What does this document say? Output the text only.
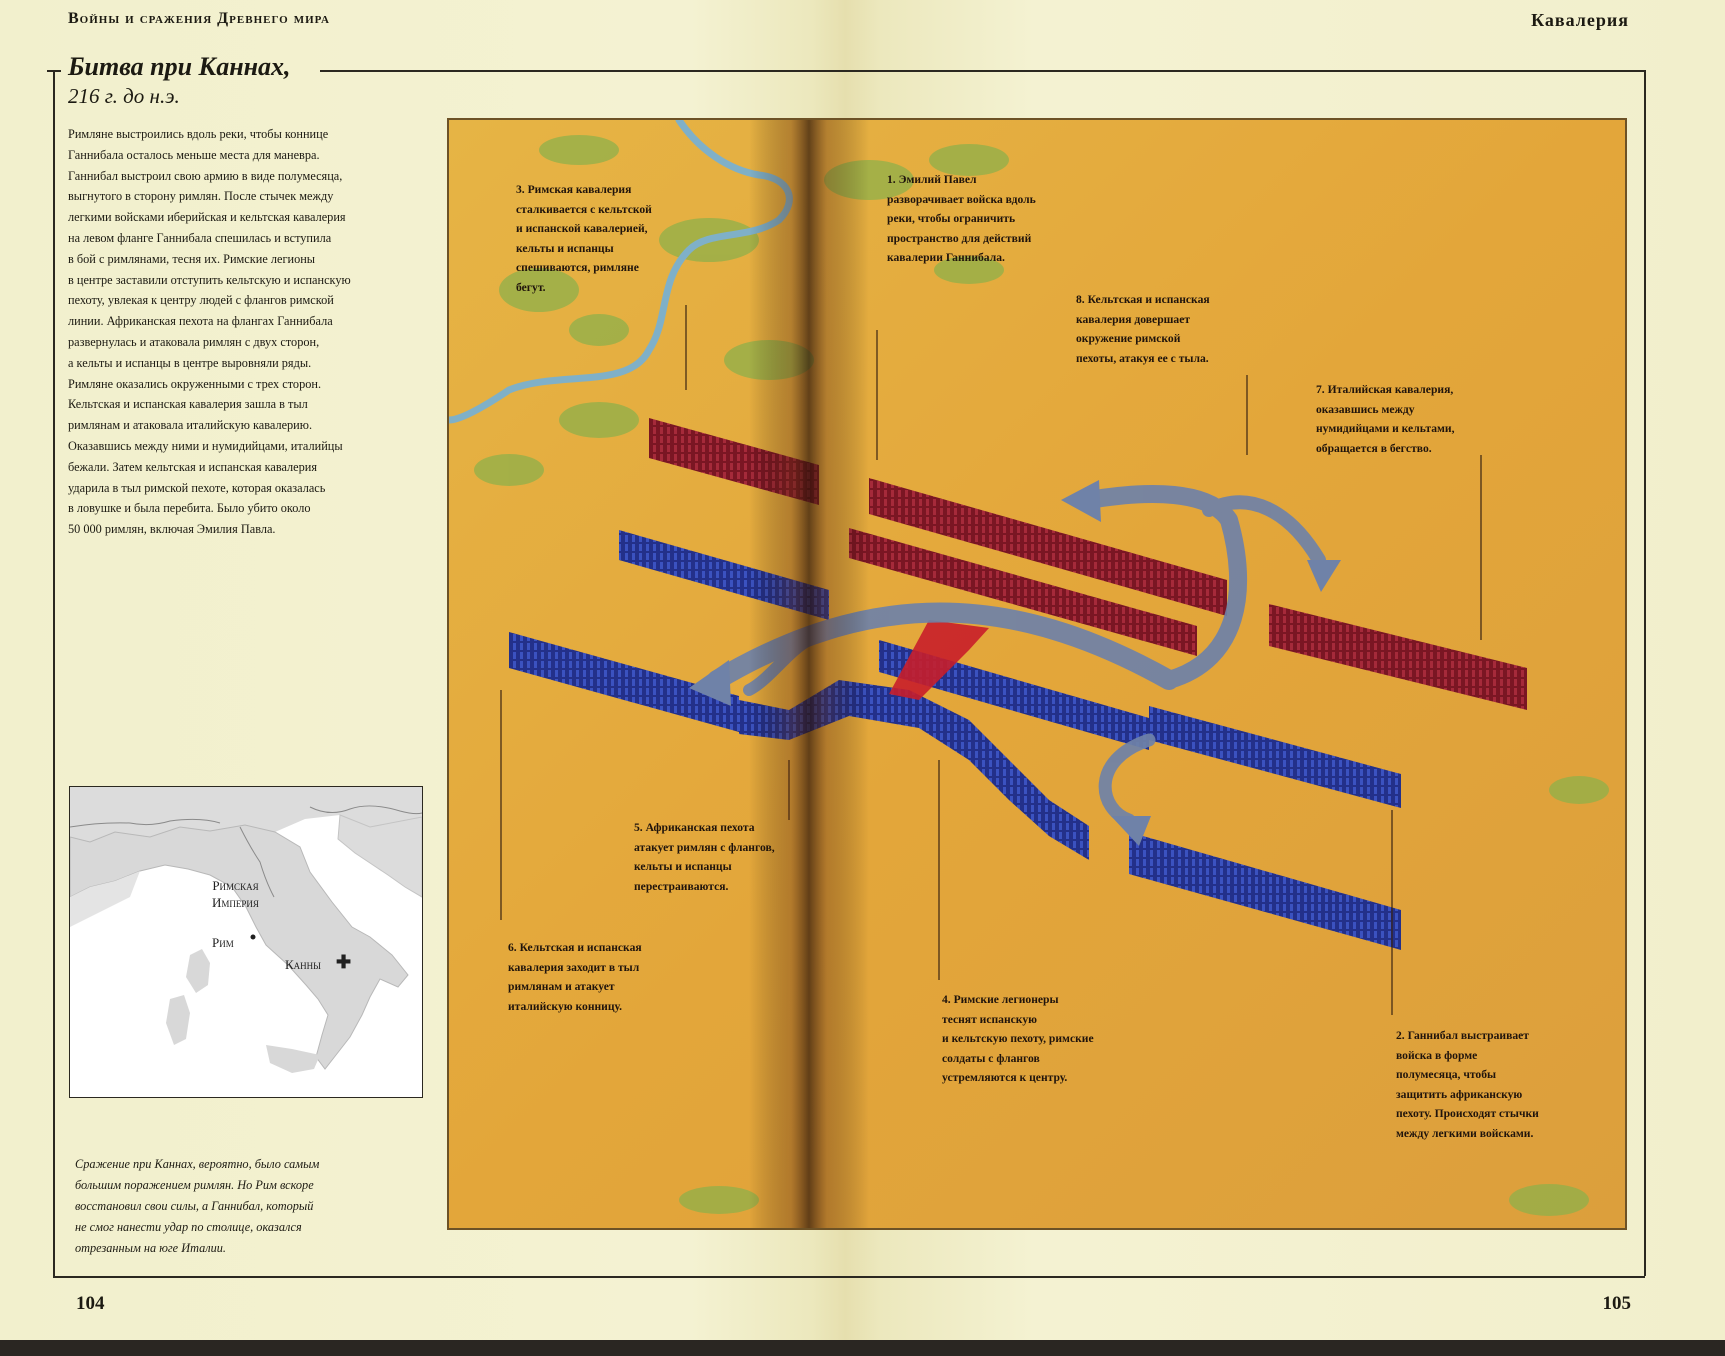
Войны и сражения Древнего мира	Кавалерия
Битва при Каннах,
216 г. до н.э.
Римляне выстроились вдоль реки, чтобы коннице
Ганнибала осталось меньше места для маневра.
Ганнибал выстроил свою армию в виде полумесяца,
выгнутого в сторону римлян. После стычек между
легкими войсками иберийская и кельтская кавалерия
на левом фланге Ганнибала спешилась и вступила
в бой с римлянами, тесня их. Римские легионы
в центре заставили отступить кельтскую и испанскую
пехоту, увлекая к центру людей с флангов римской
линии. Африканская пехота на флангах Ганнибала
развернулась и атаковала римлян с двух сторон,
а кельты и испанцы в центре выровняли ряды.
Римляне оказались окруженными с трех сторон.
Кельтская и испанская кавалерия зашла в тыл
римлянам и атаковала италийскую кавалерию.
Оказавшись между ними и нумидийцами, италийцы
бежали. Затем кельтская и испанская кавалерия
ударила в тыл римской пехоте, которая оказалась
в ловушке и была перебита. Было убито около
50 000 римлян, включая Эмилия Павла.
Римская
Империя
Рим
Канны ✚
Сражение при Каннах, вероятно, было самым
большим поражением римлян. Но Рим вскоре
восстановил свои силы, а Ганнибал, который
не смог нанести удар по столице, оказался
отрезанным на юге Италии.
104	105
1. Эмилий Павел
разворачивает войска вдоль
реки, чтобы ограничить
пространство для действий
кавалерии Ганнибала.
3. Римская кавалерия
сталкивается с кельтской
и испанской кавалерией,
кельты и испанцы
спешиваются, римляне
бегут.
8. Кельтская и испанская
кавалерия довершает
окружение римской
пехоты, атакуя ее с тыла.
7. Италийская кавалерия,
оказавшись между
нумидийцами и кельтами,
обращается в бегство.
5. Африканская пехота
атакует римлян с флангов,
кельты и испанцы
перестраиваются.
6. Кельтская и испанская
кавалерия заходит в тыл
римлянам и атакует
италийскую конницу.	4. Римские легионеры
теснят испанскую
и кельтскую пехоту, римские
солдаты с флангов
устремляются к центру.
2. Ганнибал выстраивает
войска в форме
полумесяца, чтобы
защитить африканскую
пехоту. Происходят стычки
между легкими войсками.
